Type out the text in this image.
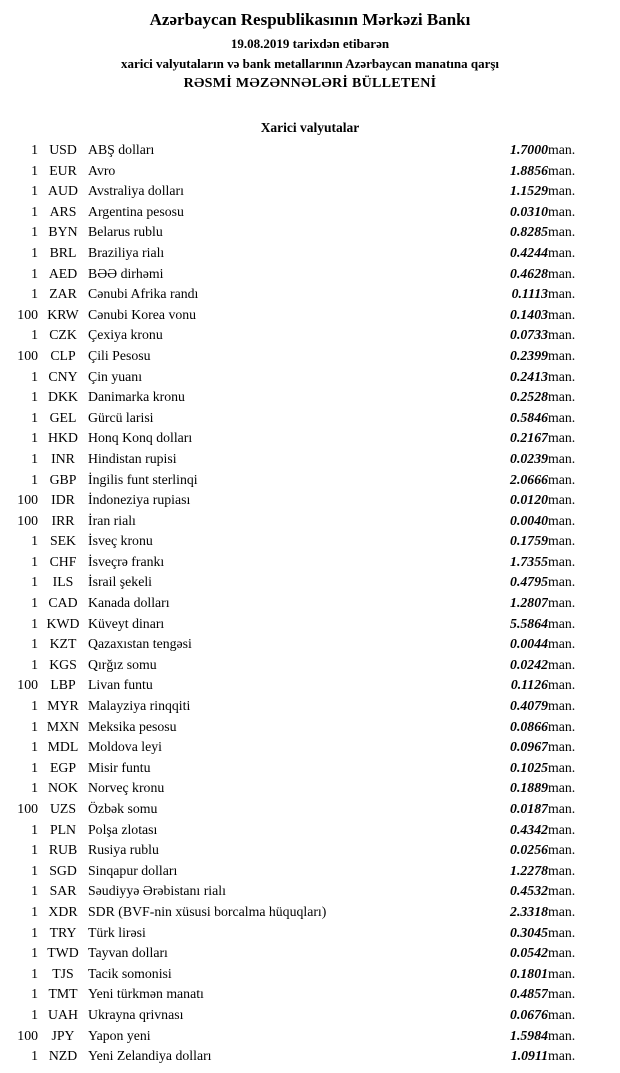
Azərbaycan Respublikasının Mərkəzi Bankı
19.08.2019 tarixdən etibarən
xarici valyutaların və bank metallarının Azərbaycan manatına qarşı
RƏSMİ MƏZƏNNƏLƏRİ BÜLLETENİ
Xarici valyutalar
1	USD	ABŞ dolları	1.7000	man.
1	EUR	Avro	1.8856	man.
1	AUD	Avstraliya dolları	1.1529	man.
1	ARS	Argentina pesosu	0.0310	man.
1	BYN	Belarus rublu	0.8285	man.
1	BRL	Braziliya rialı	0.4244	man.
1	AED	BƏƏ dirhəmi	0.4628	man.
1	ZAR	Cənubi Afrika randı	0.1113	man.
100	KRW	Cənubi Korea vonu	0.1403	man.
1	CZK	Çexiya kronu	0.0733	man.
100	CLP	Çili Pesosu	0.2399	man.
1	CNY	Çin yuanı	0.2413	man.
1	DKK	Danimarka kronu	0.2528	man.
1	GEL	Gürcü larisi	0.5846	man.
1	HKD	Honq Konq dolları	0.2167	man.
1	INR	Hindistan rupisi	0.0239	man.
1	GBP	İngilis funt sterlinqi	2.0666	man.
100	IDR	İndoneziya rupiası	0.0120	man.
100	IRR	İran rialı	0.0040	man.
1	SEK	İsveç kronu	0.1759	man.
1	CHF	İsveçrə frankı	1.7355	man.
1	ILS	İsrail şekeli	0.4795	man.
1	CAD	Kanada dolları	1.2807	man.
1	KWD	Küveyt dinarı	5.5864	man.
1	KZT	Qazaxıstan tengəsi	0.0044	man.
1	KGS	Qırğız somu	0.0242	man.
100	LBP	Livan funtu	0.1126	man.
1	MYR	Malayziya rinqqiti	0.4079	man.
1	MXN	Meksika pesosu	0.0866	man.
1	MDL	Moldova leyi	0.0967	man.
1	EGP	Misir funtu	0.1025	man.
1	NOK	Norveç kronu	0.1889	man.
100	UZS	Özbək somu	0.0187	man.
1	PLN	Polşa zlotası	0.4342	man.
1	RUB	Rusiya rublu	0.0256	man.
1	SGD	Sinqapur dolları	1.2278	man.
1	SAR	Səudiyyə Ərəbistanı rialı	0.4532	man.
1	XDR	SDR (BVF-nin xüsusi borcalma hüquqları)	2.3318	man.
1	TRY	Türk lirəsi	0.3045	man.
1	TWD	Tayvan dolları	0.0542	man.
1	TJS	Tacik somonisi	0.1801	man.
1	TMT	Yeni türkmən manatı	0.4857	man.
1	UAH	Ukrayna qrivnası	0.0676	man.
100	JPY	Yapon yeni	1.5984	man.
1	NZD	Yeni Zelandiya dolları	1.0911	man.
